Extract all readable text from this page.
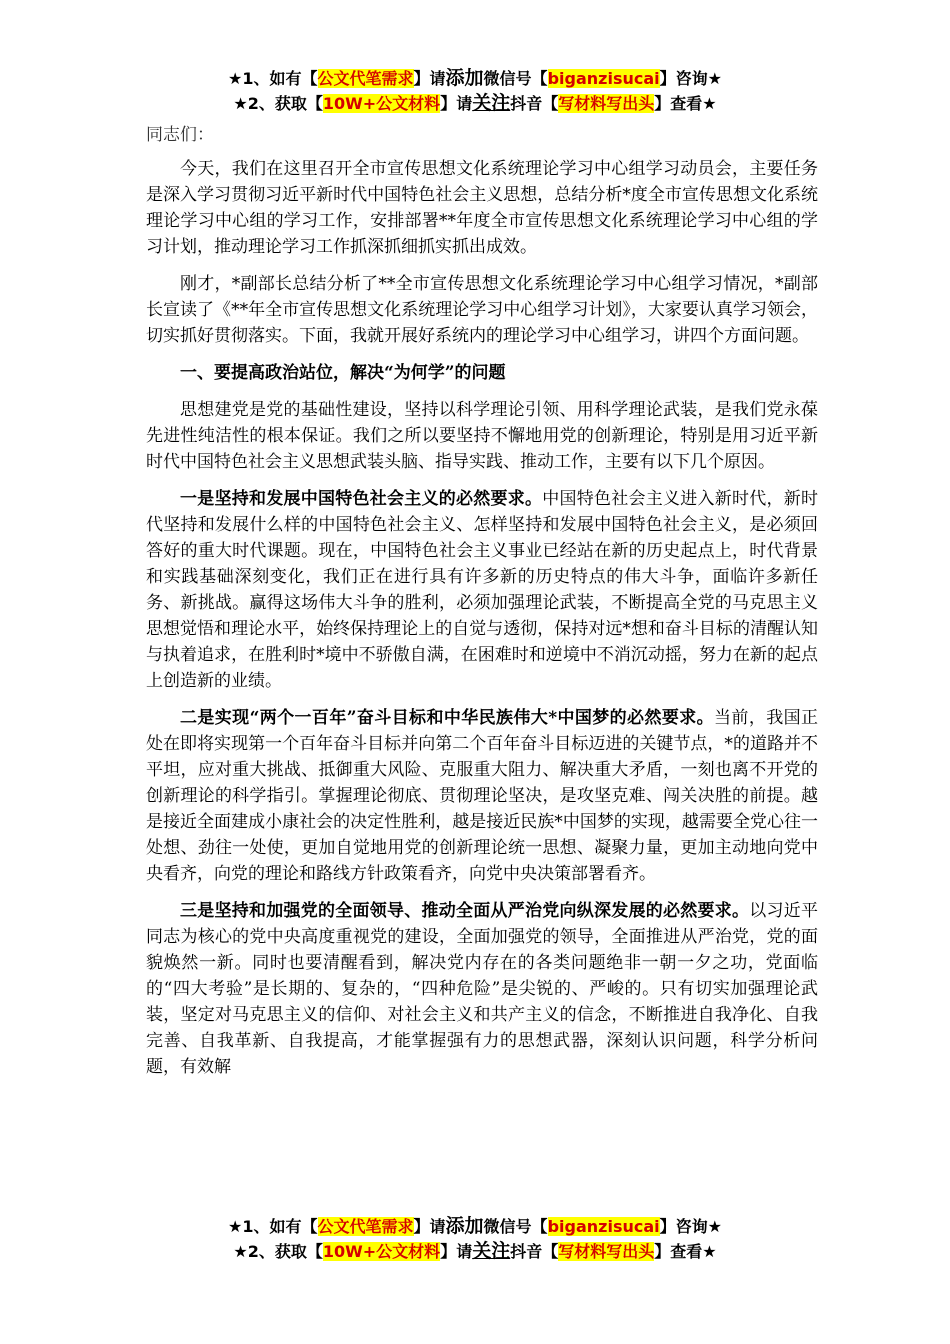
★1、如有【公文代笔需求】请添加微信号【biganzisucai】咨询★
★2、获取【10W+公文材料】请关注抖音【写材料写出头】查看★

同志们：

今天，我们在这里召开全市宣传思想文化系统理论学习中心组学习动员会，主要任务是深入学习贯彻习近平新时代中国特色社会主义思想，总结分析*度全市宣传思想文化系统理论学习中心组的学习工作，安排部署**年度全市宣传思想文化系统理论学习中心组的学习计划，推动理论学习工作抓深抓细抓实抓出成效。

刚才，*副部长总结分析了**全市宣传思想文化系统理论学习中心组学习情况，*副部长宣读了《**年全市宣传思想文化系统理论学习中心组学习计划》，大家要认真学习领会，切实抓好贯彻落实。下面，我就开展好系统内的理论学习中心组学习，讲四个方面问题。

一、要提高政治站位，解决“为何学”的问题

思想建党是党的基础性建设，坚持以科学理论引领、用科学理论武装，是我们党永葆先进性纯洁性的根本保证。我们之所以要坚持不懈地用党的创新理论，特别是用习近平新时代中国特色社会主义思想武装头脑、指导实践、推动工作，主要有以下几个原因。

一是坚持和发展中国特色社会主义的必然要求。中国特色社会主义进入新时代，新时代坚持和发展什么样的中国特色社会主义、怎样坚持和发展中国特色社会主义，是必须回答好的重大时代课题。现在，中国特色社会主义事业已经站在新的历史起点上，时代背景和实践基础深刻变化，我们正在进行具有许多新的历史特点的伟大斗争，面临许多新任务、新挑战。赢得这场伟大斗争的胜利，必须加强理论武装，不断提高全党的马克思主义思想觉悟和理论水平，始终保持理论上的自觉与透彻，保持对远*想和奋斗目标的清醒认知与执着追求，在胜利时*境中不骄傲自满，在困难时和逆境中不消沉动摇，努力在新的起点上创造新的业绩。

二是实现“两个一百年”奋斗目标和中华民族伟大*中国梦的必然要求。当前，我国正处在即将实现第一个百年奋斗目标并向第二个百年奋斗目标迈进的关键节点，*的道路并不平坦，应对重大挑战、抵御重大风险、克服重大阻力、解决重大矛盾，一刻也离不开党的创新理论的科学指引。掌握理论彻底、贯彻理论坚决，是攻坚克难、闯关决胜的前提。越是接近全面建成小康社会的决定性胜利，越是接近民族*中国梦的实现，越需要全党心往一处想、劲往一处使，更加自觉地用党的创新理论统一思想、凝聚力量，更加主动地向党中央看齐，向党的理论和路线方针政策看齐，向党中央决策部署看齐。

三是坚持和加强党的全面领导、推动全面从严治党向纵深发展的必然要求。以习近平同志为核心的党中央高度重视党的建设，全面加强党的领导，全面推进从严治党，党的面貌焕然一新。同时也要清醒看到，解决党内存在的各类问题绝非一朝一夕之功，党面临的“四大考验”是长期的、复杂的，“四种危险”是尖锐的、严峻的。只有切实加强理论武装，坚定对马克思主义的信仰、对社会主义和共产主义的信念，不断推进自我净化、自我完善、自我革新、自我提高，才能掌握强有力的思想武器，深刻认识问题，科学分析问题，有效解

★1、如有【公文代笔需求】请添加微信号【biganzisucai】咨询★
★2、获取【10W+公文材料】请关注抖音【写材料写出头】查看★
